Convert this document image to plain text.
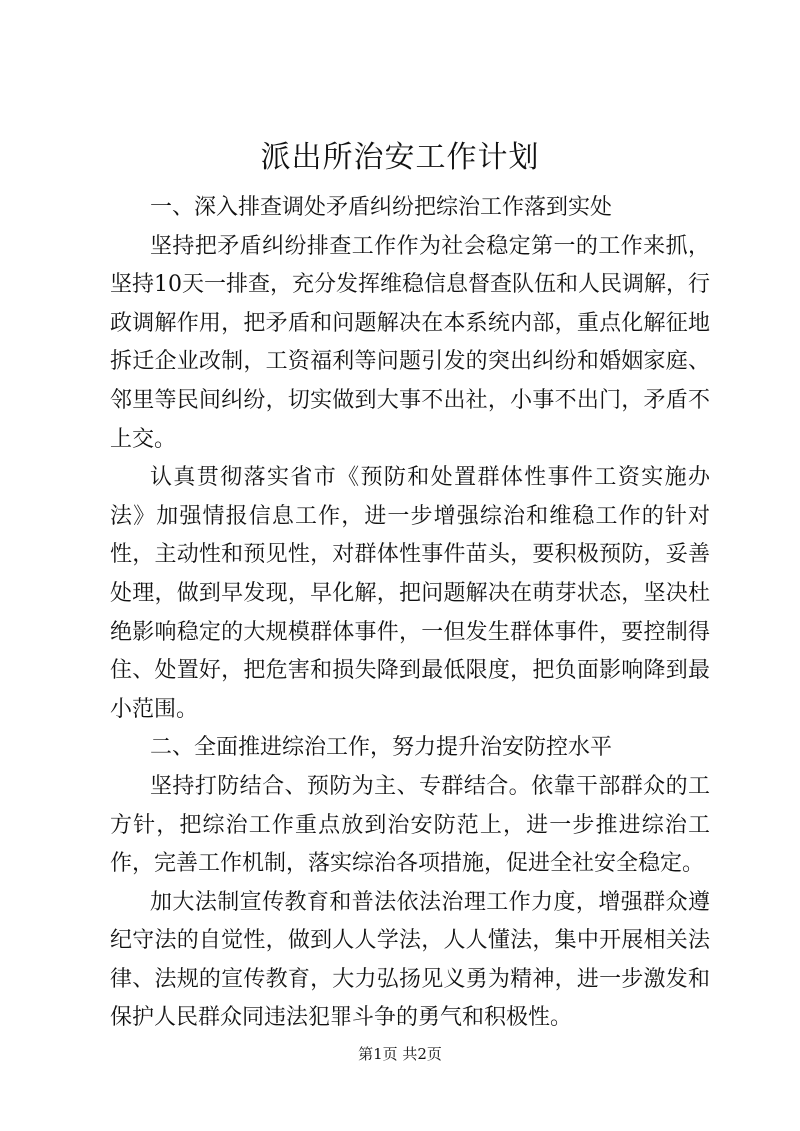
派出所治安工作计划

一、深入排查调处矛盾纠纷把综治工作落到实处

坚持把矛盾纠纷排查工作作为社会稳定第一的工作来抓，坚持10天一排查，充分发挥维稳信息督查队伍和人民调解，行政调解作用，把矛盾和问题解决在本系统内部，重点化解征地拆迁企业改制，工资福利等问题引发的突出纠纷和婚姻家庭、邻里等民间纠纷，切实做到大事不出社，小事不出门，矛盾不上交。

认真贯彻落实省市《预防和处置群体性事件工资实施办法》加强情报信息工作，进一步增强综治和维稳工作的针对性，主动性和预见性，对群体性事件苗头，要积极预防，妥善处理，做到早发现，早化解，把问题解决在萌芽状态，坚决杜绝影响稳定的大规模群体事件，一但发生群体事件，要控制得住、处置好，把危害和损失降到最低限度，把负面影响降到最小范围。

二、全面推进综治工作，努力提升治安防控水平

坚持打防结合、预防为主、专群结合。依靠干部群众的工方针，把综治工作重点放到治安防范上，进一步推进综治工作，完善工作机制，落实综治各项措施，促进全社安全稳定。

加大法制宣传教育和普法依法治理工作力度，增强群众遵纪守法的自觉性，做到人人学法，人人懂法，集中开展相关法律、法规的宣传教育，大力弘扬见义勇为精神，进一步激发和保护人民群众同违法犯罪斗争的勇气和积极性。

第1页 共2页
